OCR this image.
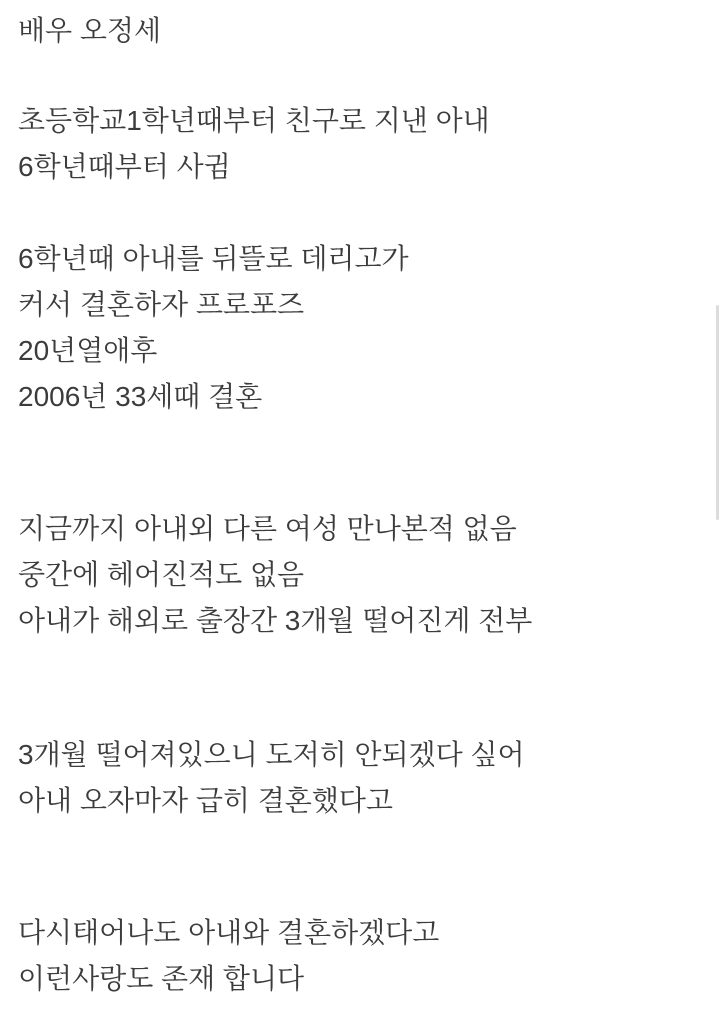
배우 오정세
초등학교1학년때부터 친구로 지낸 아내
6학년때부터 사귐
6학년때 아내를 뒤뜰로 데리고가
커서 결혼하자 프로포즈
20년열애후
2006년 33세때 결혼
지금까지 아내외 다른 여성 만나본적 없음
중간에 헤어진적도 없음
아내가 해외로 출장간 3개월 떨어진게 전부
3개월 떨어져있으니 도저히 안되겠다 싶어
아내 오자마자 급히 결혼했다고
다시태어나도 아내와 결혼하겠다고
이런사랑도 존재 합니다
